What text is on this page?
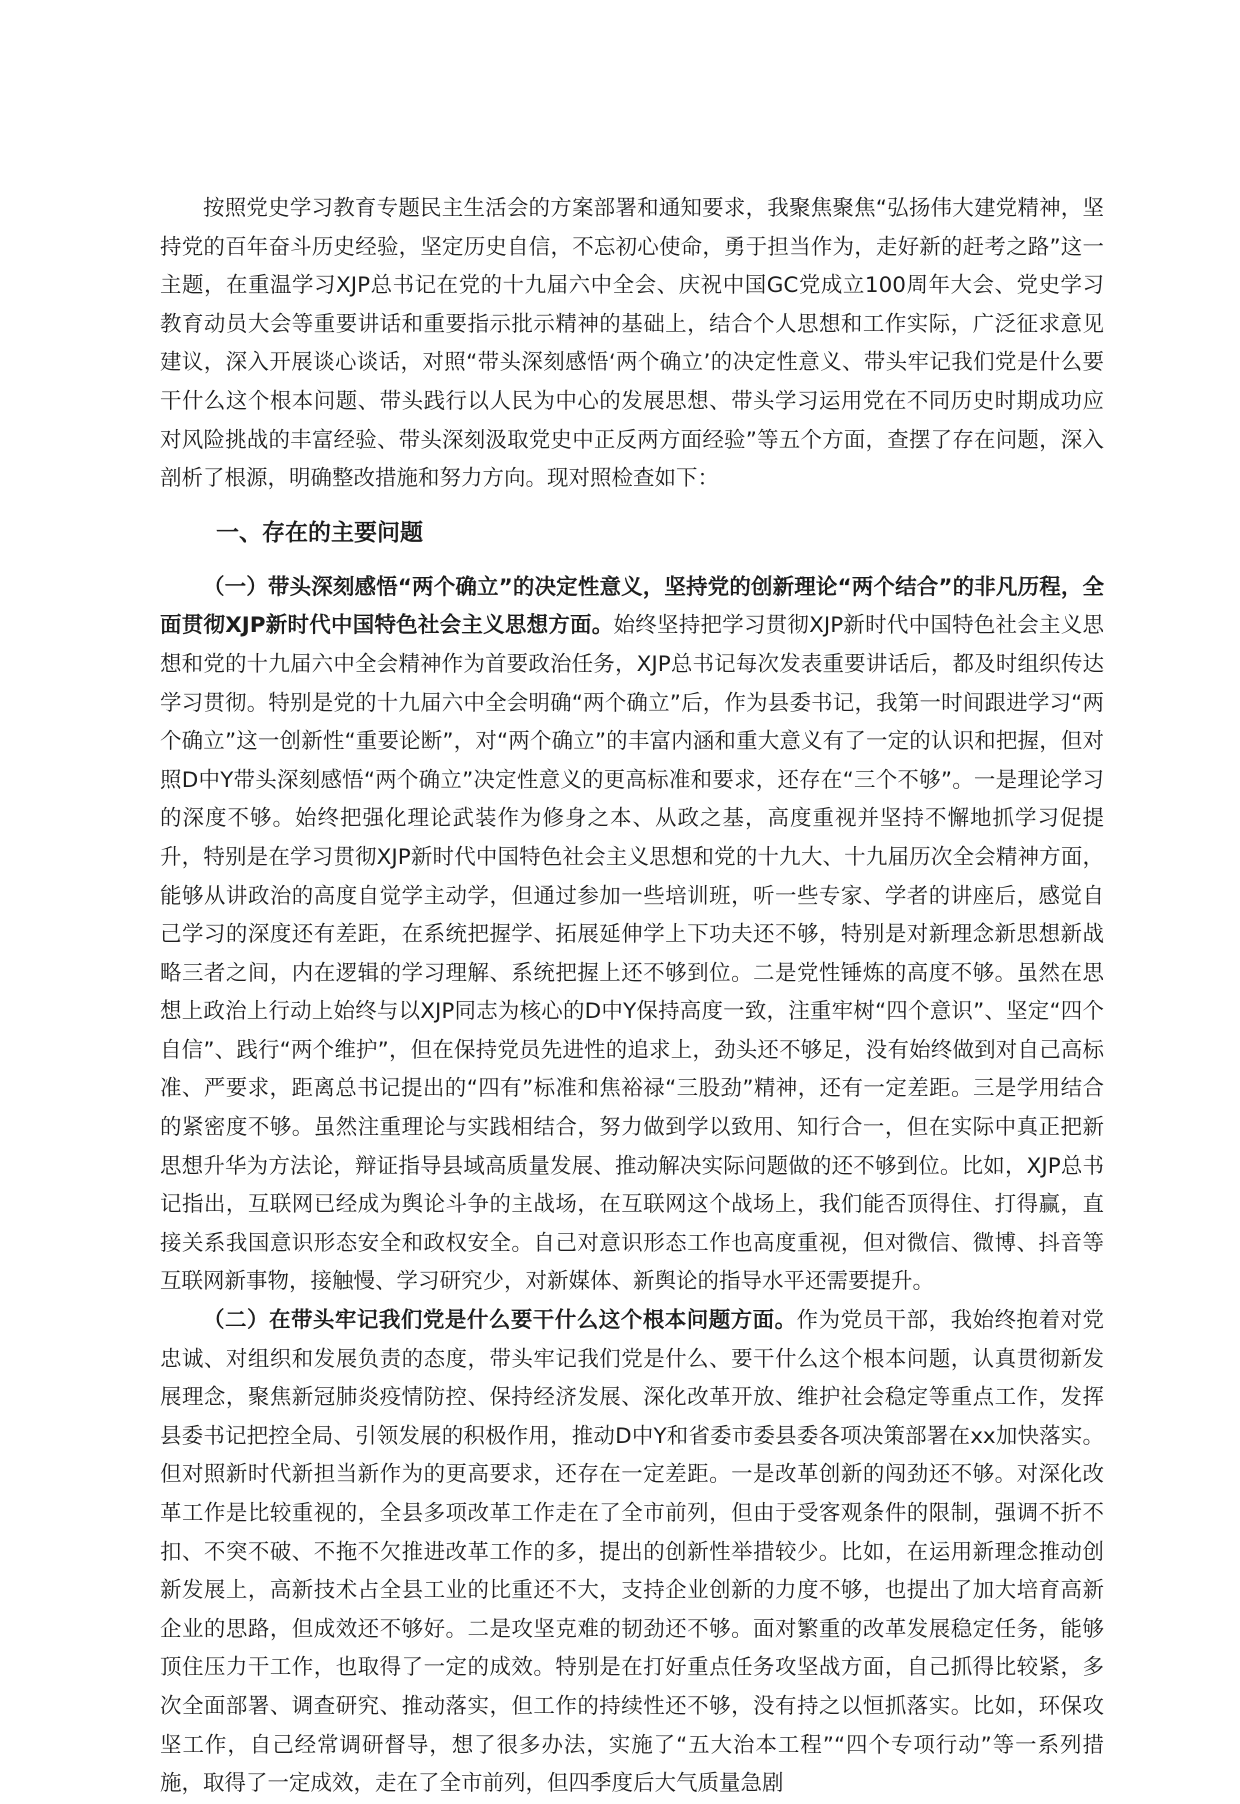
按照党史学习教育专题民主生活会的方案部署和通知要求，我聚焦聚焦“弘扬伟大建党精神，坚持党的百年奋斗历史经验，坚定历史自信，不忘初心使命，勇于担当作为，走好新的赶考之路”这一主题，在重温学习XJP总书记在党的十九届六中全会、庆祝中国GC党成立100周年大会、党史学习教育动员大会等重要讲话和重要指示批示精神的基础上，结合个人思想和工作实际，广泛征求意见建议，深入开展谈心谈话，对照“带头深刻感悟‘两个确立’的决定性意义、带头牢记我们党是什么要干什么这个根本问题、带头践行以人民为中心的发展思想、带头学习运用党在不同历史时期成功应对风险挑战的丰富经验、带头深刻汲取党史中正反两方面经验”等五个方面，查摆了存在问题，深入剖析了根源，明确整改措施和努力方向。现对照检查如下：

一、存在的主要问题

（一）带头深刻感悟“两个确立”的决定性意义，坚持党的创新理论“两个结合”的非凡历程，全面贯彻XJP新时代中国特色社会主义思想方面。始终坚持把学习贯彻XJP新时代中国特色社会主义思想和党的十九届六中全会精神作为首要政治任务，XJP总书记每次发表重要讲话后，都及时组织传达学习贯彻。特别是党的十九届六中全会明确“两个确立”后，作为县委书记，我第一时间跟进学习“两个确立”这一创新性“重要论断”，对“两个确立”的丰富内涵和重大意义有了一定的认识和把握，但对照D中Y带头深刻感悟“两个确立”决定性意义的更高标准和要求，还存在“三个不够”。一是理论学习的深度不够。始终把强化理论武装作为修身之本、从政之基，高度重视并坚持不懈地抓学习促提升，特别是在学习贯彻XJP新时代中国特色社会主义思想和党的十九大、十九届历次全会精神方面，能够从讲政治的高度自觉学主动学，但通过参加一些培训班，听一些专家、学者的讲座后，感觉自己学习的深度还有差距，在系统把握学、拓展延伸学上下功夫还不够，特别是对新理念新思想新战略三者之间，内在逻辑的学习理解、系统把握上还不够到位。二是党性锤炼的高度不够。虽然在思想上政治上行动上始终与以XJP同志为核心的D中Y保持高度一致，注重牢树“四个意识”、坚定“四个自信”、践行“两个维护”，但在保持党员先进性的追求上，劲头还不够足，没有始终做到对自己高标准、严要求，距离总书记提出的“四有”标准和焦裕禄“三股劲”精神，还有一定差距。三是学用结合的紧密度不够。虽然注重理论与实践相结合，努力做到学以致用、知行合一，但在实际中真正把新思想升华为方法论，辩证指导县域高质量发展、推动解决实际问题做的还不够到位。比如，XJP总书记指出，互联网已经成为舆论斗争的主战场，在互联网这个战场上，我们能否顶得住、打得赢，直接关系我国意识形态安全和政权安全。自己对意识形态工作也高度重视，但对微信、微博、抖音等互联网新事物，接触慢、学习研究少，对新媒体、新舆论的指导水平还需要提升。

（二）在带头牢记我们党是什么要干什么这个根本问题方面。作为党员干部，我始终抱着对党忠诚、对组织和发展负责的态度，带头牢记我们党是什么、要干什么这个根本问题，认真贯彻新发展理念，聚焦新冠肺炎疫情防控、保持经济发展、深化改革开放、维护社会稳定等重点工作，发挥县委书记把控全局、引领发展的积极作用，推动D中Y和省委市委县委各项决策部署在xx加快落实。但对照新时代新担当新作为的更高要求，还存在一定差距。一是改革创新的闯劲还不够。对深化改革工作是比较重视的，全县多项改革工作走在了全市前列，但由于受客观条件的限制，强调不折不扣、不突不破、不拖不欠推进改革工作的多，提出的创新性举措较少。比如，在运用新理念推动创新发展上，高新技术占全县工业的比重还不大，支持企业创新的力度不够，也提出了加大培育高新企业的思路，但成效还不够好。二是攻坚克难的韧劲还不够。面对繁重的改革发展稳定任务，能够顶住压力干工作，也取得了一定的成效。特别是在打好重点任务攻坚战方面，自己抓得比较紧，多次全面部署、调查研究、推动落实，但工作的持续性还不够，没有持之以恒抓落实。比如，环保攻坚工作，自己经常调研督导，想了很多办法，实施了“五大治本工程”“四个专项行动”等一系列措施，取得了一定成效，走在了全市前列，但四季度后大气质量急剧
